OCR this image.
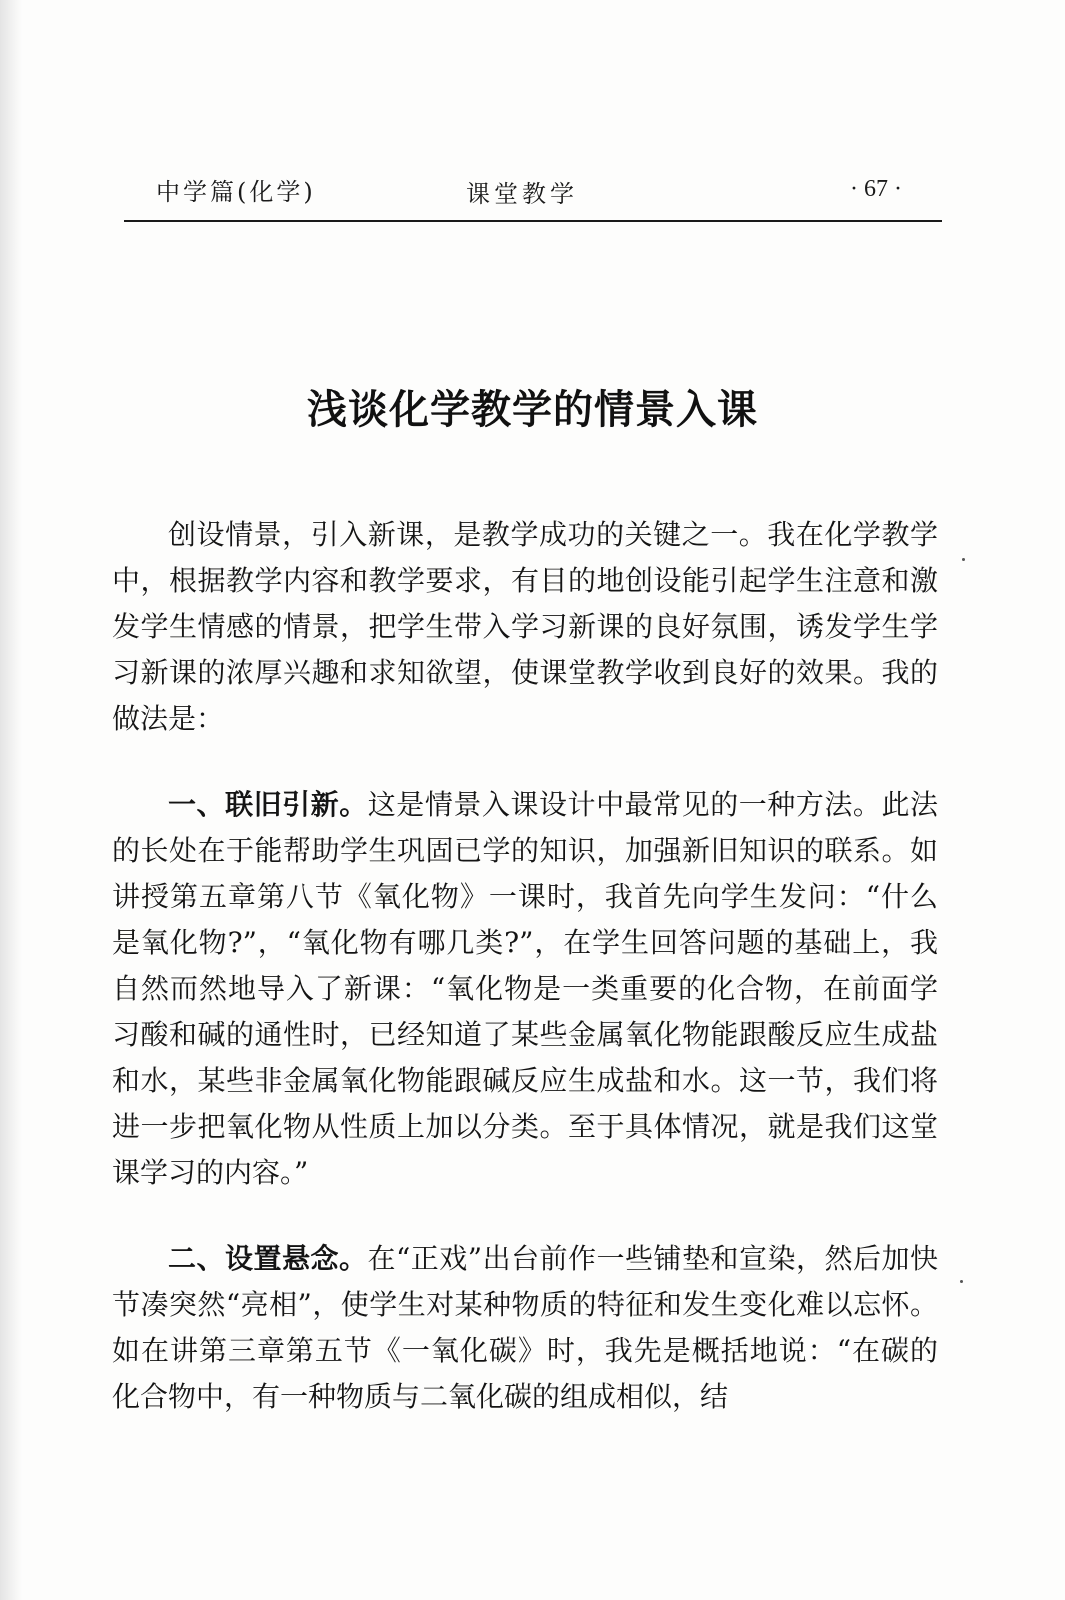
中学篇(化学)	课堂教学	· 67 ·
浅谈化学教学的情景入课

创设情景，引入新课，是教学成功的关键之一。我在化学教学中，根据教学内容和教学要求，有目的地创设能引起学生注意和激发学生情感的情景，把学生带入学习新课的良好氛围，诱发学生学习新课的浓厚兴趣和求知欲望，使课堂教学收到良好的效果。我的做法是：

一、联旧引新。这是情景入课设计中最常见的一种方法。此法的长处在于能帮助学生巩固已学的知识，加强新旧知识的联系。如讲授第五章第八节《氧化物》一课时，我首先向学生发问：“什么是氧化物?”，“氧化物有哪几类?”，在学生回答问题的基础上，我自然而然地导入了新课：“氧化物是一类重要的化合物，在前面学习酸和碱的通性时，已经知道了某些金属氧化物能跟酸反应生成盐和水，某些非金属氧化物能跟碱反应生成盐和水。这一节，我们将进一步把氧化物从性质上加以分类。至于具体情况，就是我们这堂课学习的内容。”

二、设置悬念。在“正戏”出台前作一些铺垫和宣染，然后加快节凑突然“亮相”，使学生对某种物质的特征和发生变化难以忘怀。如在讲第三章第五节《一氧化碳》时，我先是概括地说：“在碳的化合物中，有一种物质与二氧化碳的组成相似，结
